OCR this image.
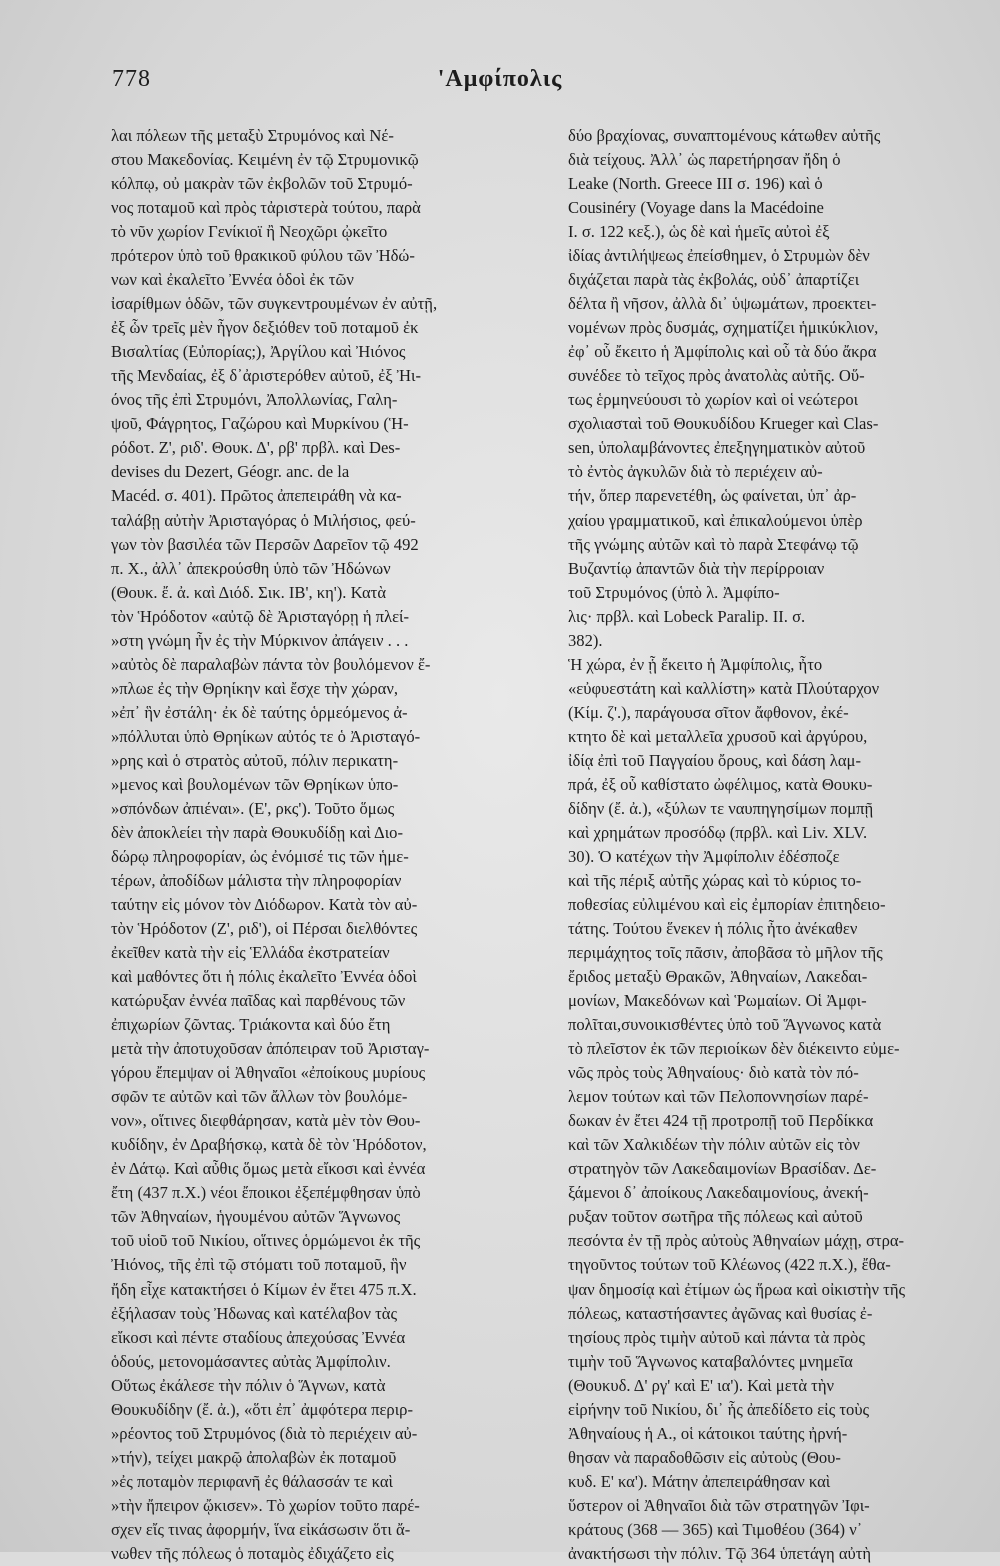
778	'Αμφίπολις
λαι πόλεων τῆς μεταξὺ Στρυμόνος καὶ Νέ-
στου Μακεδονίας. Κειμένη ἐν τῷ Στρυμονικῷ
κόλπῳ, οὐ μακρὰν τῶν ἐκβολῶν τοῦ Στρυμό-
νος ποταμοῦ καὶ πρὸς τἀριστερὰ τούτου, παρὰ
τὸ νῦν χωρίον Γενίκιοϊ ἢ Νεοχῶρι ᾠκεῖτο
πρότερον ὑπὸ τοῦ θρακικοῦ φύλου τῶν Ἠδώ-
νων καὶ ἐκαλεῖτο Ἐννέα ὁδοὶ ἐκ τῶν
ἰσαρίθμων ὁδῶν, τῶν συγκεντρουμένων ἐν αὐτῇ,
ἐξ ὧν τρεῖς μὲν ἦγον δεξιόθεν τοῦ ποταμοῦ ἐκ
Βισαλτίας (Εὐπορίας;), Ἀργίλου καὶ Ἠιόνος
τῆς Μενδαίας, ἐξ δ᾽ἀριστερόθεν αὐτοῦ, ἐξ Ἠι-
όνος τῆς ἐπὶ Στρυμόνι, Ἀπολλωνίας, Γαλη-
ψοῦ, Φάγρητος, Γαζώρου καὶ Μυρκίνου (Ἡ-
ρόδοτ. Ζ', ριδ'. Θουκ. Δ', ρβ' πρβλ. καὶ Des-
devises du Dezert, Géogr. anc. de la
Macéd. σ. 401). Πρῶτος ἀπεπειράθη νὰ κα-
ταλάβῃ αὐτὴν Ἀρισταγόρας ὁ Μιλήσιος, φεύ-
γων τὸν βασιλέα τῶν Περσῶν Δαρεῖον τῷ 492
π. Χ., ἀλλ᾽ ἀπεκρούσθη ὑπὸ τῶν Ἠδώνων
(Θουκ. ἔ. ἀ. καὶ Διόδ. Σικ. ΙΒ', κη'). Κατὰ
τὸν Ἡρόδοτον «αὐτῷ δὲ Ἀρισταγόρῃ ἡ πλεί-
»στη γνώμη ἦν ἐς τὴν Μύρκινον ἀπάγειν . . .
»αὐτὸς δὲ παραλαβὼν πάντα τὸν βουλόμενον ἔ-
»πλωε ἐς τὴν Θρηίκην καὶ ἔσχε τὴν χώραν,
»ἐπ᾽ ἣν ἐστάλη· ἐκ δὲ ταύτης ὁρμεόμενος ἀ-
»πόλλυται ὑπὸ Θρηίκων αὐτός τε ὁ Ἀρισταγό-
»ρης καὶ ὁ στρατὸς αὐτοῦ, πόλιν περικατη-
»μενος καὶ βουλομένων τῶν Θρηίκων ὑπο-
»σπόνδων ἀπιέναι». (Ε', ρκς'). Τοῦτο ὅμως
δὲν ἀποκλείει τὴν παρὰ Θουκυδίδῃ καὶ Διο-
δώρῳ πληροφορίαν, ὡς ἐνόμισέ τις τῶν ἡμε-
τέρων, ἀποδίδων μάλιστα τὴν πληροφορίαν
ταύτην εἰς μόνον τὸν Διόδωρον. Κατὰ τὸν αὐ-
τὸν Ἡρόδοτον (Ζ', ριδ'), οἱ Πέρσαι διελθόντες
ἐκεῖθεν κατὰ τὴν εἰς Ἑλλάδα ἐκστρατείαν
καὶ μαθόντες ὅτι ἡ πόλις ἐκαλεῖτο Ἐννέα ὁδοὶ
κατώρυξαν ἐννέα παῖδας καὶ παρθένους τῶν
ἐπιχωρίων ζῶντας. Τριάκοντα καὶ δύο ἔτη
μετὰ τὴν ἀποτυχοῦσαν ἀπόπειραν τοῦ Ἀρισταγ-
γόρου ἔπεμψαν οἱ Ἀθηναῖοι «ἐποίκους μυρίους
σφῶν τε αὐτῶν καὶ τῶν ἄλλων τὸν βουλόμε-
νον», οἵτινες διεφθάρησαν, κατὰ μὲν τὸν Θου-
κυδίδην, ἐν Δραβήσκῳ, κατὰ δὲ τὸν Ἡρόδοτον,
ἐν Δάτῳ. Καὶ αὖθις ὅμως μετὰ εἴκοσι καὶ ἐννέα
ἔτη (437 π.Χ.) νέοι ἔποικοι ἐξεπέμφθησαν ὑπὸ
τῶν Ἀθηναίων, ἡγουμένου αὐτῶν Ἅγνωνος
τοῦ υἱοῦ τοῦ Νικίου, οἵτινες ὁρμώμενοι ἐκ τῆς
Ἠιόνος, τῆς ἐπὶ τῷ στόματι τοῦ ποταμοῦ, ἣν
ἤδη εἶχε κατακτήσει ὁ Κίμων ἐν ἔτει 475 π.Χ.
ἐξήλασαν τοὺς Ἠδωνας καὶ κατέλαβον τὰς
εἴκοσι καὶ πέντε σταδίους ἀπεχούσας Ἐννέα
ὁδούς, μετονομάσαντες αὐτὰς Ἀμφίπολιν.
Οὕτως ἐκάλεσε τὴν πόλιν ὁ Ἅγνων, κατὰ
Θουκυδίδην (ἔ. ἀ.), «ὅτι ἐπ᾽ ἀμφότερα περιρ-
»ρέοντος τοῦ Στρυμόνος (διὰ τὸ περιέχειν αὐ-
»τήν), τείχει μακρῷ ἀπολαβὼν ἐκ ποταμοῦ
»ἐς ποταμὸν περιφανῆ ἐς θάλασσάν τε καὶ
»τὴν ἤπειρον ᾤκισεν». Τὸ χωρίον τοῦτο παρέ-
σχεν εἴς τινας ἀφορμήν, ἵνα εἰκάσωσιν ὅτι ἄ-
νωθεν τῆς πόλεως ὁ ποταμὸς ἐδιχάζετο εἰς
δύο βραχίονας, συναπτομένους κάτωθεν αὐτῆς
διὰ τείχους. Ἀλλ᾽ ὡς παρετήρησαν ἤδη ὁ
Leake (North. Greece III σ. 196) καὶ ὁ
Cousinéry (Voyage dans la Macédoine
I. σ. 122 κεξ.), ὡς δὲ καὶ ἡμεῖς αὐτοὶ ἐξ
ἰδίας ἀντιλήψεως ἐπείσθημεν, ὁ Στρυμὼν δὲν
διχάζεται παρὰ τὰς ἐκβολάς, οὐδ᾽ ἀπαρτίζει
δέλτα ἢ νῆσον, ἀλλὰ δι᾽ ὑψωμάτων, προεκτει-
νομένων πρὸς δυσμάς, σχηματίζει ἡμικύκλιον,
ἐφ᾽ οὗ ἔκειτο ἡ Ἀμφίπολις καὶ οὗ τὰ δύο ἄκρα
συνέδεε τὸ τεῖχος πρὸς ἀνατολὰς αὐτῆς. Οὕ-
τως ἑρμηνεύουσι τὸ χωρίον καὶ οἱ νεώτεροι
σχολιασταὶ τοῦ Θουκυδίδου Krueger καὶ Clas-
sen, ὑπολαμβάνοντες ἐπεξηγηματικὸν αὐτοῦ
τὸ ἐντὸς ἀγκυλῶν διὰ τὸ περιέχειν αὐ-
τήν, ὅπερ παρενετέθη, ὡς φαίνεται, ὑπ᾽ ἀρ-
χαίου γραμματικοῦ, καὶ ἐπικαλούμενοι ὑπὲρ
τῆς γνώμης αὐτῶν καὶ τὸ παρὰ Στεφάνῳ τῷ
Βυζαντίῳ ἀπαντῶν διὰ τὴν περίρροιαν
τοῦ Στρυμόνος (ὑπὸ λ. Ἀμφίπο-
λις· πρβλ. καὶ Lobeck Paralip. II. σ.
382).
Ἡ χώρα, ἐν ᾗ ἔκειτο ἡ Ἀμφίπολις, ἦτο
«εὐφυεστάτη καὶ καλλίστη» κατὰ Πλούταρχον
(Κίμ. ζ'.), παράγουσα σῖτον ἄφθονον, ἐκέ-
κτητο δὲ καὶ μεταλλεῖα χρυσοῦ καὶ ἀργύρου,
ἰδίᾳ ἐπὶ τοῦ Παγγαίου ὄρους, καὶ δάση λαμ-
πρά, ἐξ οὗ καθίστατο ὠφέλιμος, κατὰ Θουκυ-
δίδην (ἔ. ἀ.), «ξύλων τε ναυπηγησίμων πομπῇ
καὶ χρημάτων προσόδῳ (πρβλ. καὶ Liv. XLV.
30). Ὁ κατέχων τὴν Ἀμφίπολιν ἐδέσποζε
καὶ τῆς πέριξ αὐτῆς χώρας καὶ τὸ κύριος το-
ποθεσίας εὐλιμένου καὶ εἰς ἐμπορίαν ἐπιτηδειο-
τάτης. Τούτου ἕνεκεν ἡ πόλις ἦτο ἀνέκαθεν
περιμάχητος τοῖς πᾶσιν, ἀποβᾶσα τὸ μῆλον τῆς
ἔριδος μεταξὺ Θρακῶν, Ἀθηναίων, Λακεδαι-
μονίων, Μακεδόνων καὶ Ῥωμαίων. Οἱ Ἀμφι-
πολῖται,συνοικισθέντες ὑπὸ τοῦ Ἅγνωνος κατὰ
τὸ πλεῖστον ἐκ τῶν περιοίκων δὲν διέκειντο εὐμε-
νῶς πρὸς τοὺς Ἀθηναίους· διὸ κατὰ τὸν πό-
λεμον τούτων καὶ τῶν Πελοποννησίων παρέ-
δωκαν ἐν ἔτει 424 τῇ προτροπῇ τοῦ Περδίκκα
καὶ τῶν Χαλκιδέων τὴν πόλιν αὐτῶν εἰς τὸν
στρατηγὸν τῶν Λακεδαιμονίων Βρασίδαν. Δε-
ξάμενοι δ᾽ ἀποίκους Λακεδαιμονίους, ἀνεκή-
ρυξαν τοῦτον σωτῆρα τῆς πόλεως καὶ αὐτοῦ
πεσόντα ἐν τῇ πρὸς αὐτοὺς Ἀθηναίων μάχῃ, στρα-
τηγοῦντος τούτων τοῦ Κλέωνος (422 π.Χ.), ἔθα-
ψαν δημοσίᾳ καὶ ἐτίμων ὡς ἥρωα καὶ οἰκιστὴν τῆς
πόλεως, καταστήσαντες ἀγῶνας καὶ θυσίας ἐ-
τησίους πρὸς τιμὴν αὐτοῦ καὶ πάντα τὰ πρὸς
τιμὴν τοῦ Ἅγνωνος καταβαλόντες μνημεῖα
(Θουκυδ. Δ' ργ' καὶ Ε' ια'). Καὶ μετὰ τὴν
εἰρήνην τοῦ Νικίου, δι᾽ ἧς ἀπεδίδετο εἰς τοὺς
Ἀθηναίους ἡ Α., οἱ κάτοικοι ταύτης ἠρνή-
θησαν νὰ παραδοθῶσιν εἰς αὐτοὺς (Θου-
κυδ. Ε' κα'). Μάτην ἀπεπειράθησαν καὶ
ὕστερον οἱ Ἀθηναῖοι διὰ τῶν στρατηγῶν Ἰφι-
κράτους (368 — 365) καὶ Τιμοθέου (364) ν᾽
ἀνακτήσωσι τὴν πόλιν. Τῷ 364 ὑπετάγη αὐτὴ
